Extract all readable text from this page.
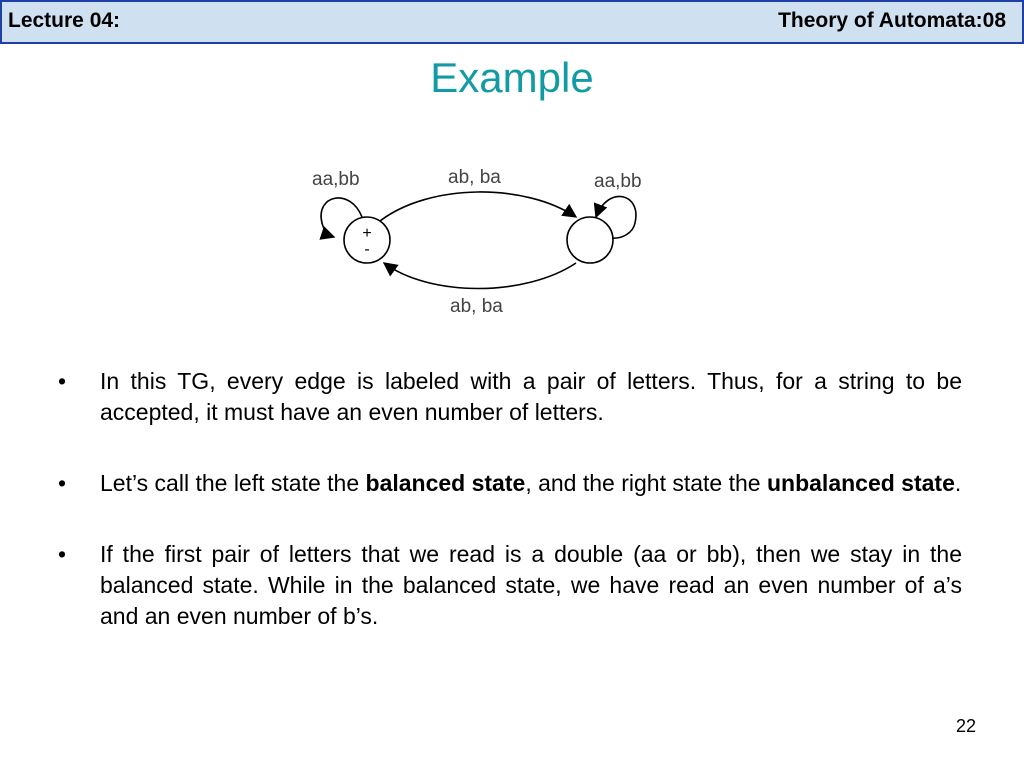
Lecture 04:	Theory of Automata:08
Example
+
-
aa,bb	ab, ba	aa,bb
ab, ba
• In this TG, every edge is labeled with a pair of letters. Thus, for a string to be accepted, it must have an even number of letters.
• Let’s call the left state the balanced state, and the right state the unbalanced state.
• If the first pair of letters that we read is a double (aa or bb), then we stay in the balanced state. While in the balanced state, we have read an even number of a’s and an even number of b’s.
22
